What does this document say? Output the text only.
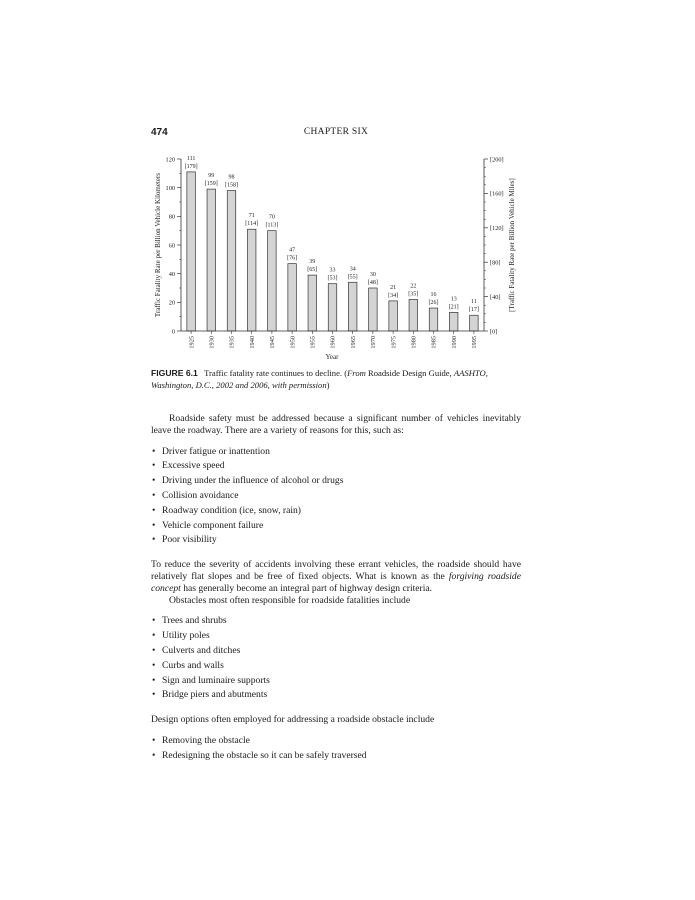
474	CHAPTER SIX
0
20
40
60
80
100
120
[0]
[40]
[80]
[120]
[160]
[200]
111
[179]
99
[159]
98
[158]
71
[114]
70
[113]
47
[76]
39
[65] 33
[53]
34
[55] 30
[48]
21
[34]
22
[35] 16
[26]
13
[21]
11
[17]
1925 1930 1935 1940 1945 1950 1955 1960 1965 1970 1975 1980 1985 1990 1995
Year
Traffic Fatality Rate per Billion Vehicle Kilometers	[Traffic Fatality Rate per Billion Vehicle Miles]
FIGURE 6.1 Traffic fatality rate continues to decline. (From Roadside Design Guide, AASHTO, Washington, D.C., 2002 and 2006, with permission)

Roadside safety must be addressed because a significant number of vehicles inevitably leave the roadway. There are a variety of reasons for this, such as:

• Driver fatigue or inattention
• Excessive speed
• Driving under the influence of alcohol or drugs
• Collision avoidance
• Roadway condition (ice, snow, rain)
• Vehicle component failure
• Poor visibility

To reduce the severity of accidents involving these errant vehicles, the roadside should have relatively flat slopes and be free of fixed objects. What is known as the forgiving roadside concept has generally become an integral part of highway design criteria.

Obstacles most often responsible for roadside fatalities include

• Trees and shrubs
• Utility poles
• Culverts and ditches
• Curbs and walls
• Sign and luminaire supports
• Bridge piers and abutments

Design options often employed for addressing a roadside obstacle include

• Removing the obstacle
• Redesigning the obstacle so it can be safely traversed
